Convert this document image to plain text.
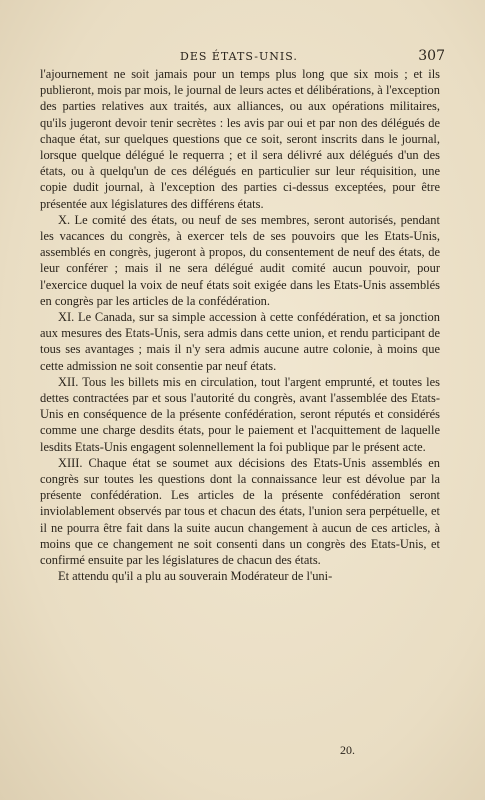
DES ÉTATS-UNIS.	307

l'ajournement ne soit jamais pour un temps plus long que six mois ; et ils publieront, mois par mois, le journal de leurs actes et délibérations, à l'exception des parties relatives aux traités, aux alliances, ou aux opérations militaires, qu'ils jugeront devoir tenir secrètes : les avis par oui et par non des délégués de chaque état, sur quelques questions que ce soit, seront inscrits dans le journal, lorsque quelque délégué le requerra ; et il sera délivré aux délégués d'un des états, ou à quelqu'un de ces délégués en particulier sur leur réquisition, une copie dudit journal, à l'exception des parties ci-dessus exceptées, pour être présentée aux législatures des différens états.

X. Le comité des états, ou neuf de ses membres, seront autorisés, pendant les vacances du congrès, à exercer tels de ses pouvoirs que les Etats-Unis, assemblés en congrès, jugeront à propos, du consentement de neuf des états, de leur conférer ; mais il ne sera délégué audit comité aucun pouvoir, pour l'exercice duquel la voix de neuf états soit exigée dans les Etats-Unis assemblés en congrès par les articles de la confédération.

XI. Le Canada, sur sa simple accession à cette confédération, et sa jonction aux mesures des Etats-Unis, sera admis dans cette union, et rendu participant de tous ses avantages ; mais il n'y sera admis aucune autre colonie, à moins que cette admission ne soit consentie par neuf états.

XII. Tous les billets mis en circulation, tout l'argent emprunté, et toutes les dettes contractées par et sous l'autorité du congrès, avant l'assemblée des Etats-Unis en conséquence de la présente confédération, seront réputés et considérés comme une charge desdits états, pour le paiement et l'acquittement de laquelle lesdits Etats-Unis engagent solennellement la foi publique par le présent acte.

XIII. Chaque état se soumet aux décisions des Etats-Unis assemblés en congrès sur toutes les questions dont la connaissance leur est dévolue par la présente confédération. Les articles de la présente confédération seront inviolablement observés par tous et chacun des états, l'union sera perpétuelle, et il ne pourra être fait dans la suite aucun changement à aucun de ces articles, à moins que ce changement ne soit consenti dans un congrès des Etats-Unis, et confirmé ensuite par les législatures de chacun des états.

Et attendu qu'il a plu au souverain Modérateur de l'uni-

20.
